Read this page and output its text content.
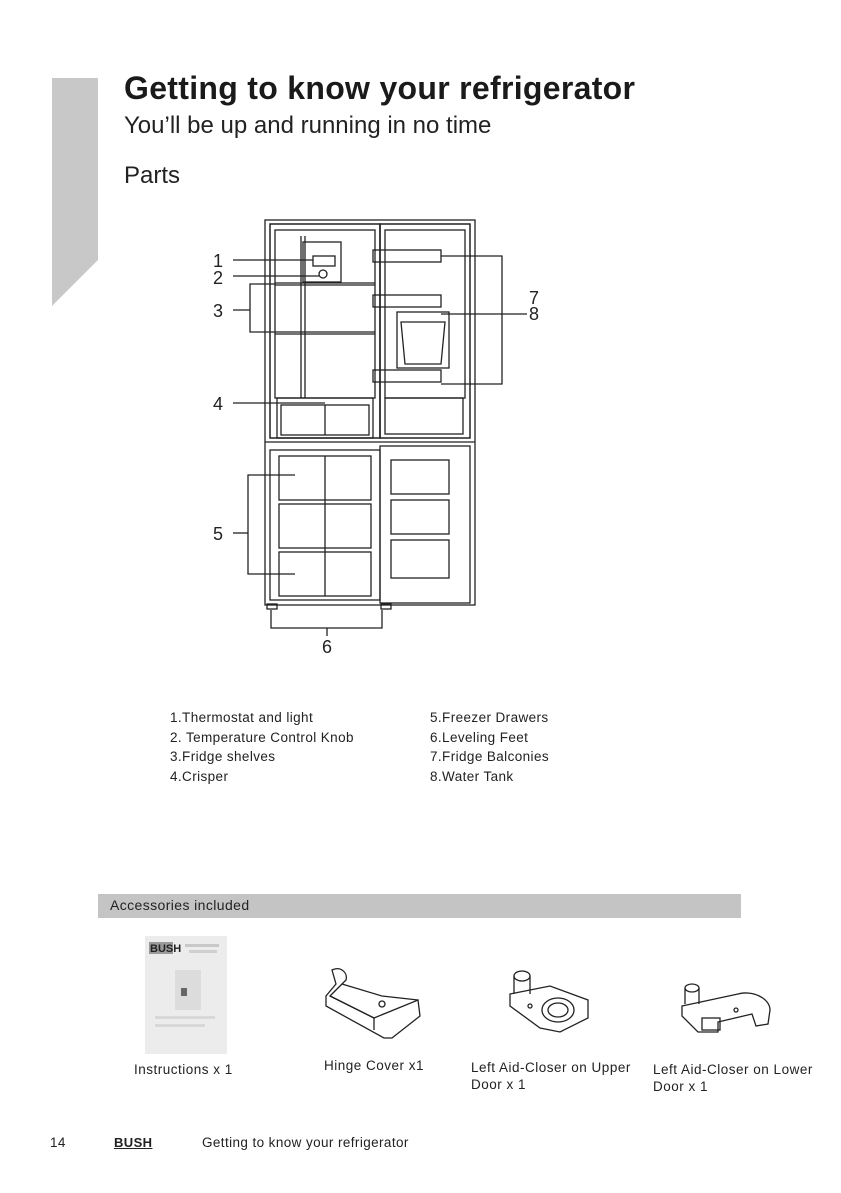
Getting to know your refrigerator
You’ll be up and running in no time
Parts
1
2
3
4
5
6
7
8
1.Thermostat and light
2. Temperature Control Knob
3.Fridge shelves
4.Crisper
5.Freezer Drawers
6.Leveling Feet
7.Fridge Balconies
8.Water Tank
Accessories included
BUSH
Instructions x 1	Hinge Cover x1	Left Aid-Closer on Upper Door x 1
Left Aid-Closer on Lower Door x 1
14	BUSH	Getting to know your refrigerator
